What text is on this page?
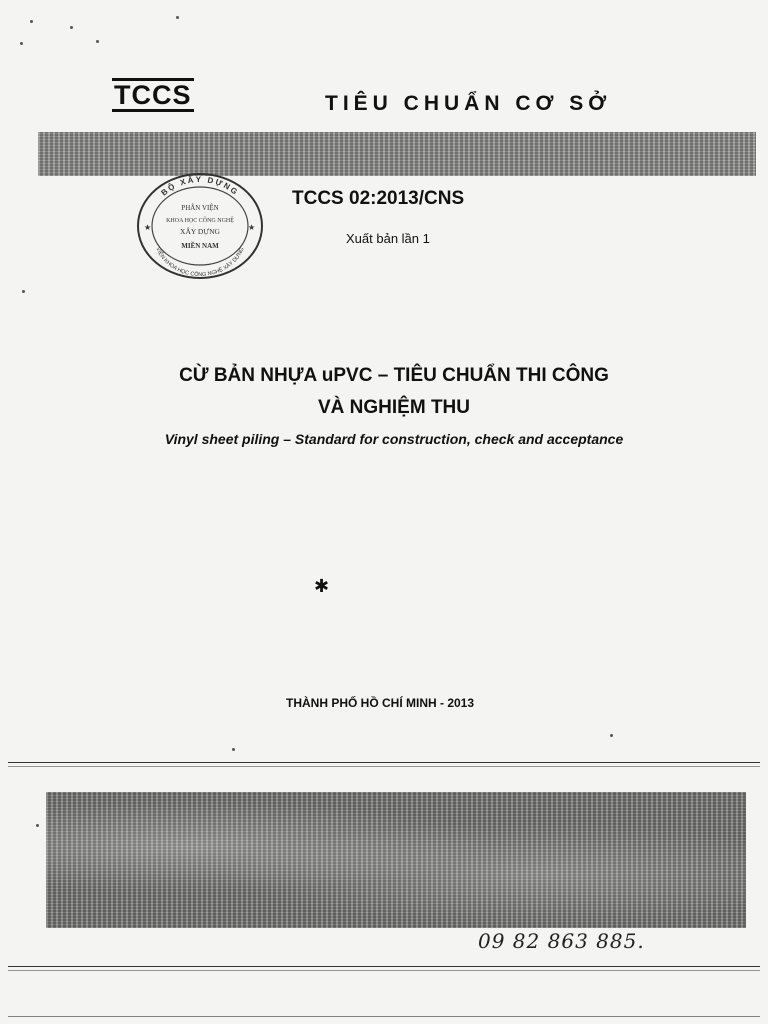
TCCS	TIÊU CHUẨN CƠ SỞ
BỘ XÂY DỰNG
VIỆN KHOA HỌC CÔNG NGHỆ XÂY DỰNG
PHÂN VIỆN
KHOA HỌC CÔNG NGHỆ
XÂY DỰNG
MIỀN NAM
★	★
TCCS 02:2013/CNS
Xuất bản lần 1
CỪ BẢN NHỰA uPVC – TIÊU CHUẨN THI CÔNG
VÀ NGHIỆM THU
Vinyl sheet piling – Standard for construction, check and acceptance
✱
THÀNH PHỐ HỒ CHÍ MINH - 2013
09 82 863 885.
